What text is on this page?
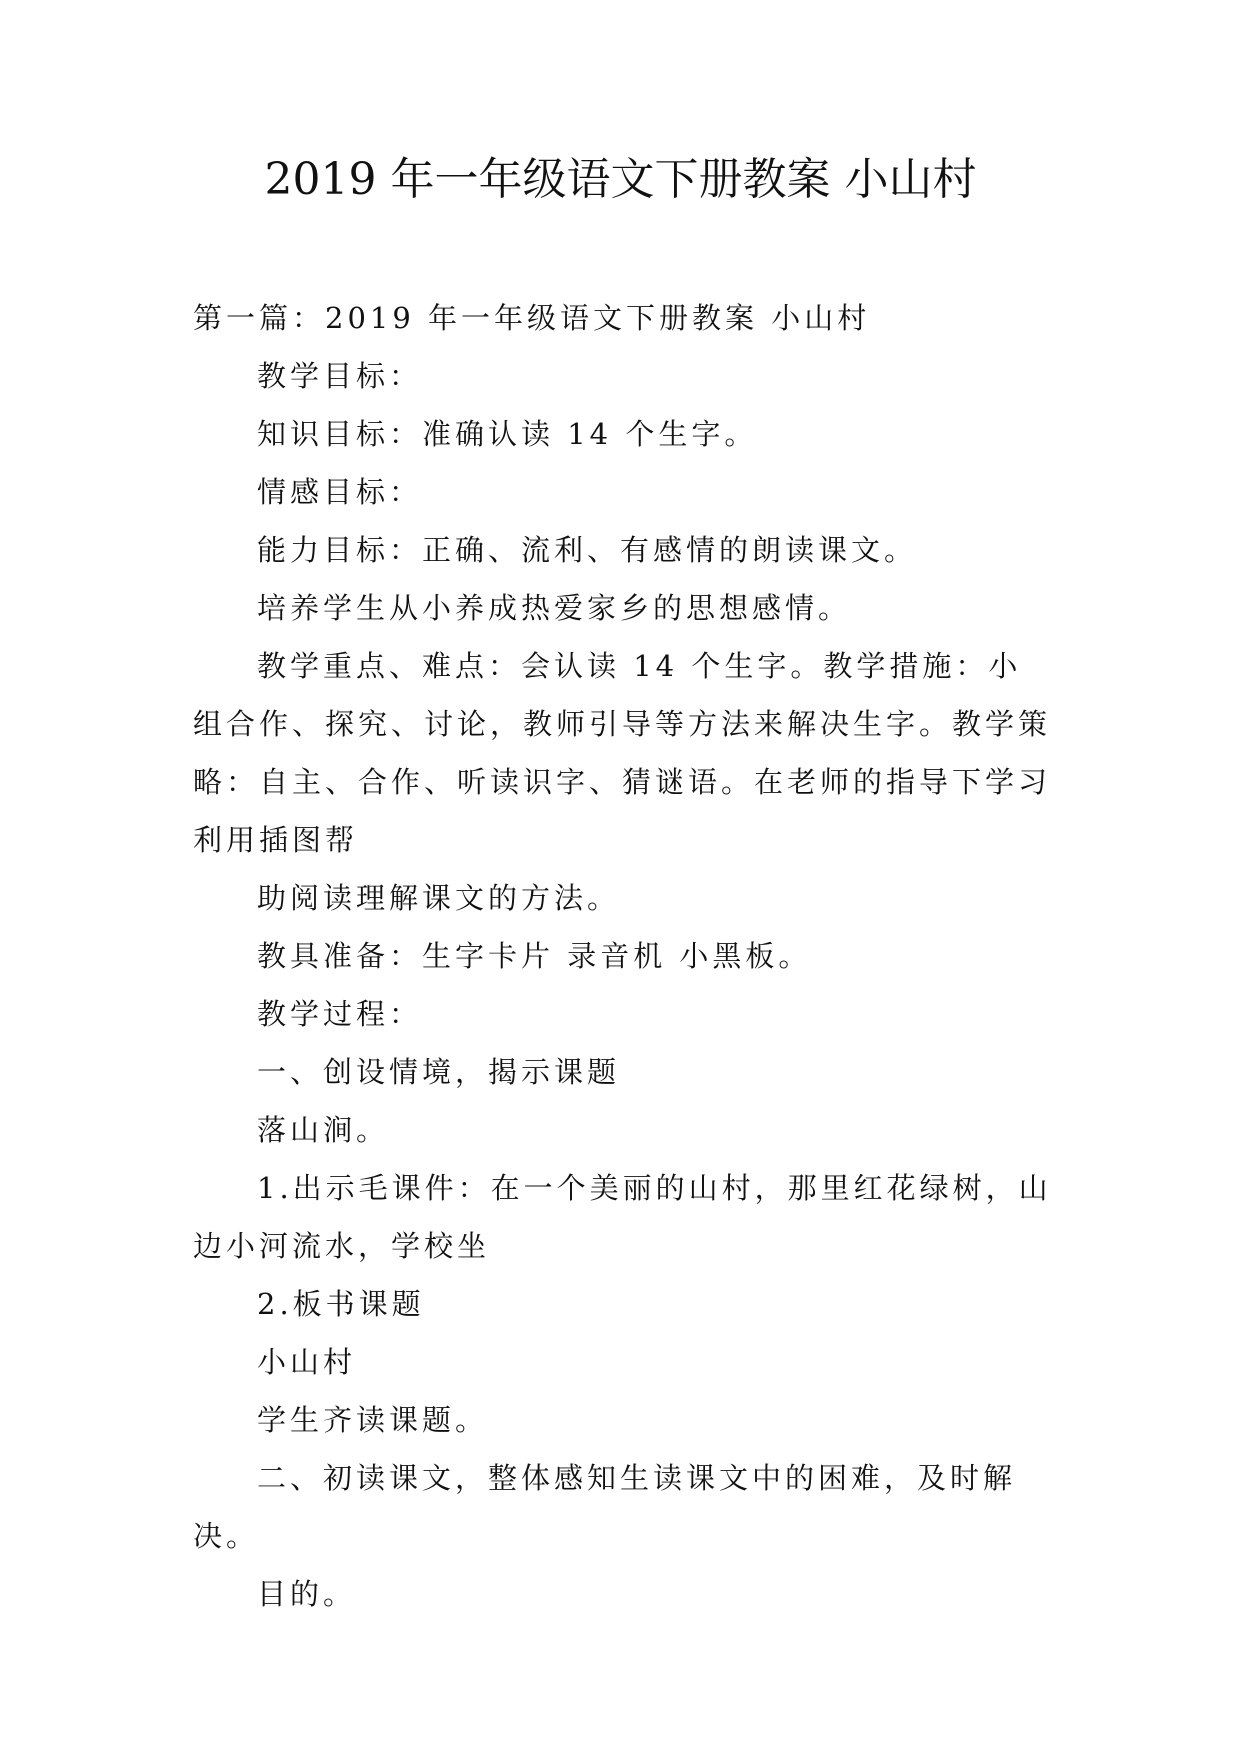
2019 年一年级语文下册教案 小山村

第一篇：2019 年一年级语文下册教案 小山村

教学目标：

知识目标：准确认读 14 个生字。

情感目标：

能力目标：正确、流利、有感情的朗读课文。

培养学生从小养成热爱家乡的思想感情。

教学重点、难点：会认读 14 个生字。教学措施：小组合作、探究、讨论，教师引导等方法来解决生字。教学策略：自主、合作、听读识字、猜谜语。在老师的指导下学习利用插图帮

助阅读理解课文的方法。

教具准备：生字卡片 录音机 小黑板。

教学过程：

一、创设情境，揭示课题

落山涧。

1.出示毛课件：在一个美丽的山村，那里红花绿树，山边小河流水，学校坐

2.板书课题

小山村

学生齐读课题。

二、初读课文，整体感知生读课文中的困难，及时解决。

目的。
